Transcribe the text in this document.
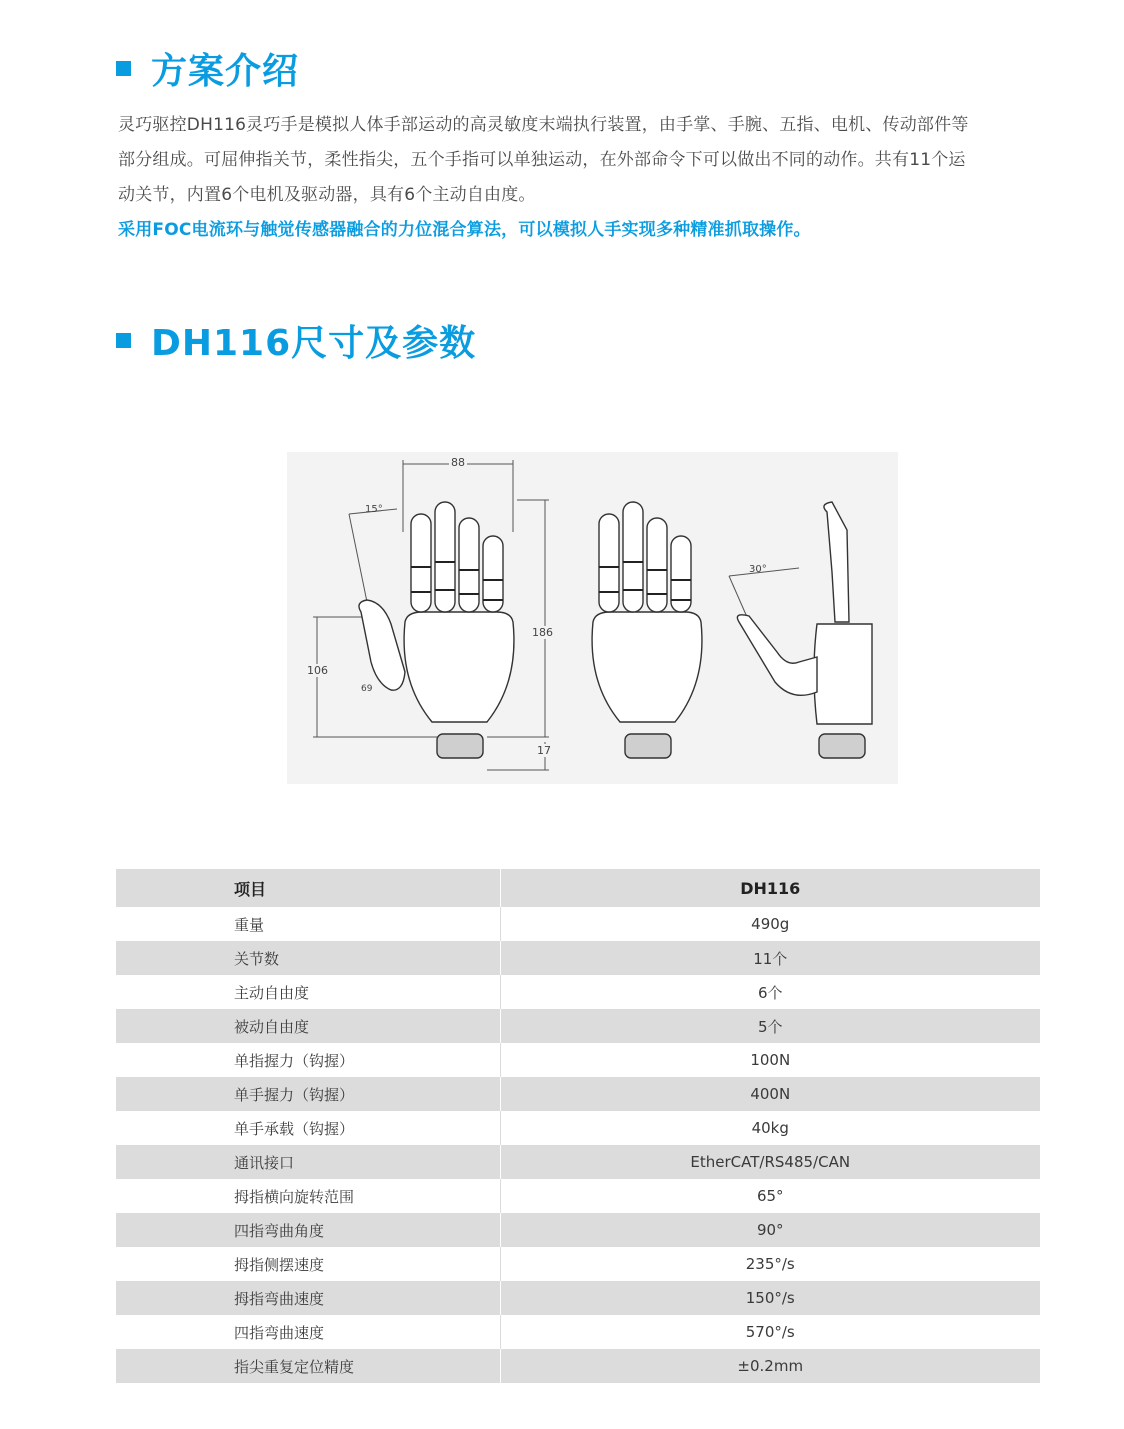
方案介绍

灵巧驱控DH116灵巧手是模拟人体手部运动的高灵敏度末端执行装置，由手掌、手腕、五指、电机、传动部件等

部分组成。可屈伸指关节，柔性指尖，五个手指可以单独运动，在外部命令下可以做出不同的动作。共有11个运

动关节，内置6个电机及驱动器，具有6个主动自由度。

采用FOC电流环与触觉传感器融合的力位混合算法，可以模拟人手实现多种精准抓取操作。

DH116尺寸及参数
88
186
17
106
69
15°
30°
项目	DH116
重量	490g
关节数	11个
主动自由度	6个
被动自由度	5个
单指握力（钩握）	100N
单手握力（钩握）	400N
单手承载（钩握）	40kg
通讯接口	EtherCAT/RS485/CAN
拇指横向旋转范围	65°
四指弯曲角度	90°
拇指侧摆速度	235°/s
拇指弯曲速度	150°/s
四指弯曲速度	570°/s
指尖重复定位精度	±0.2mm
